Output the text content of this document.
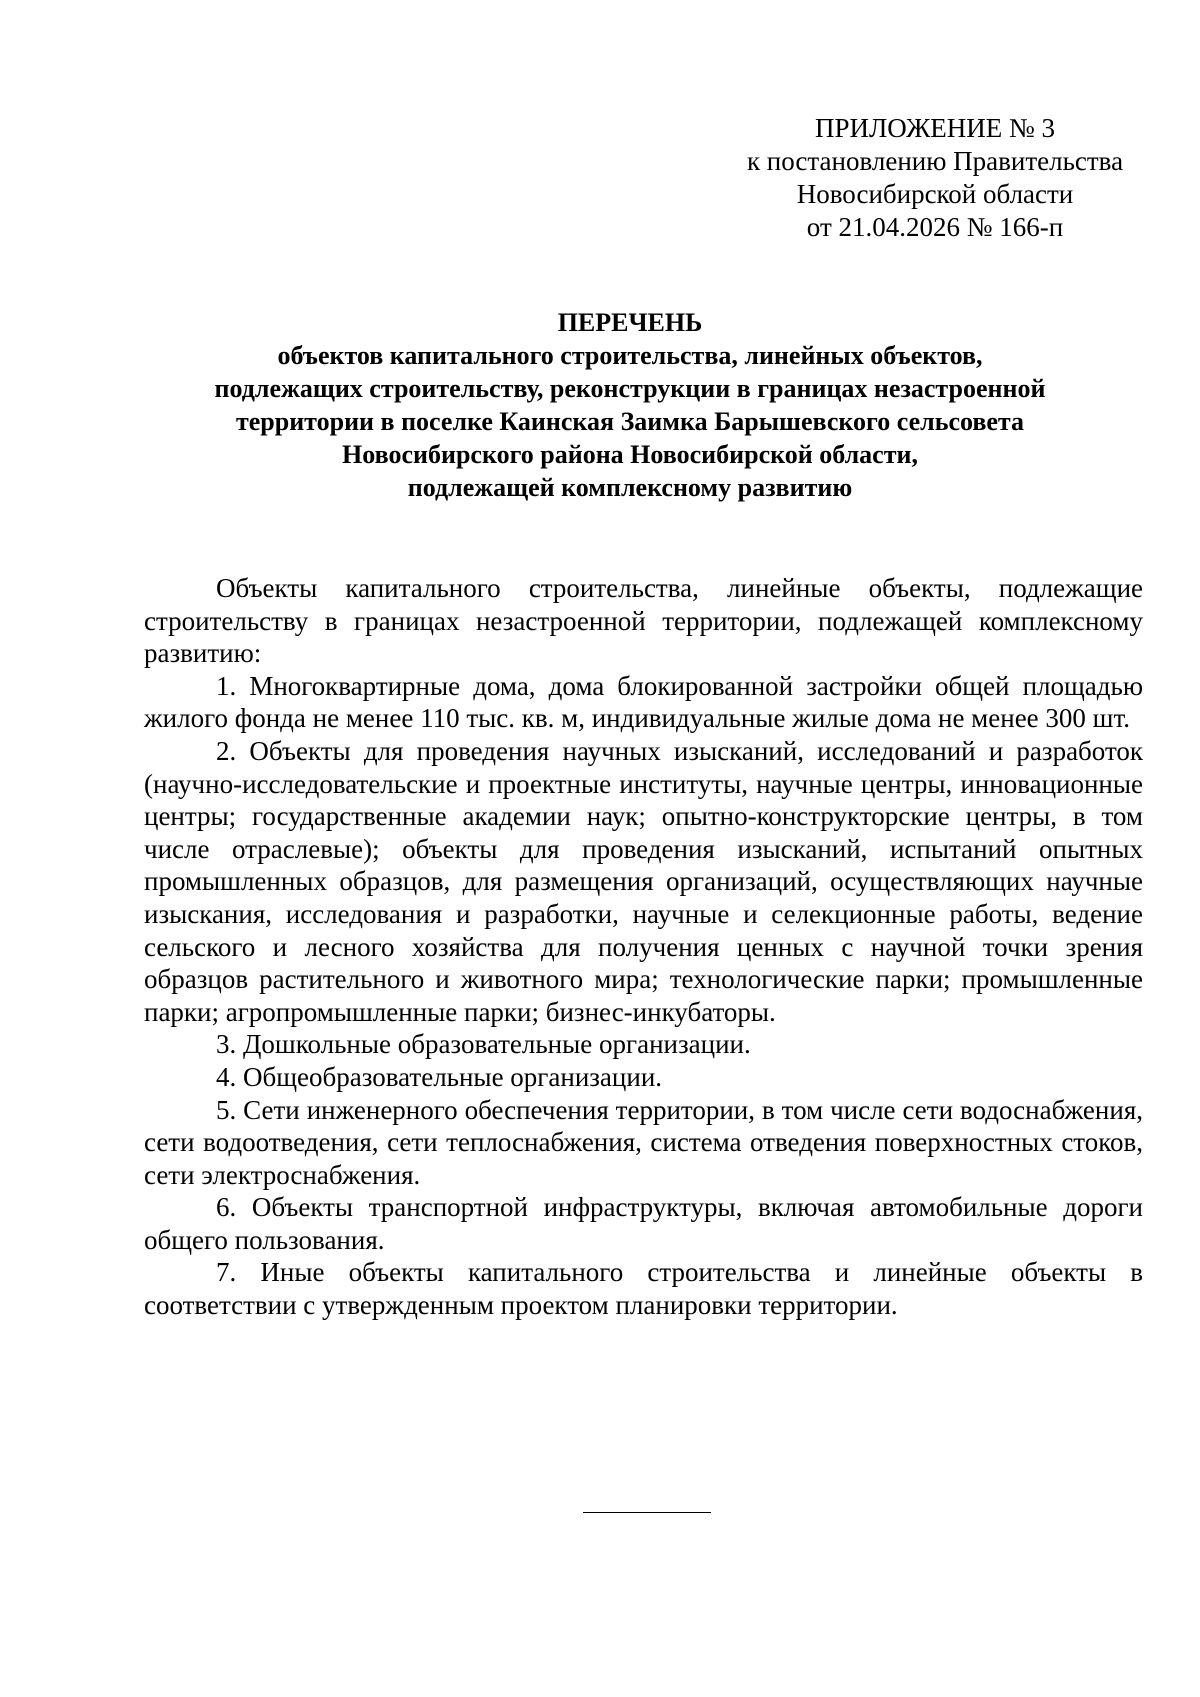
ПРИЛОЖЕНИЕ № 3
к постановлению Правительства
Новосибирской области
от 21.04.2026 № 166-п
ПЕРЕЧЕНЬ
объектов капитального строительства, линейных объектов,
подлежащих строительству, реконструкции в границах незастроенной
территории в поселке Каинская Заимка Барышевского сельсовета
Новосибирского района Новосибирской области,
подлежащей комплексному развитию

Объекты капитального строительства, линейные объекты, подлежащие строительству в границах незастроенной территории, подлежащей комплексному развитию:

1. Многоквартирные дома, дома блокированной застройки общей площадью жилого фонда не менее 110 тыс. кв. м, индивидуальные жилые дома не менее 300 шт.

2. Объекты для проведения научных изысканий, исследований и разработок (научно-исследовательские и проектные институты, научные центры, инновационные центры; государственные академии наук; опытно-конструкторские центры, в том числе отраслевые); объекты для проведения изысканий, испытаний опытных промышленных образцов, для размещения организаций, осуществляющих научные изыскания, исследования и разработки, научные и селекционные работы, ведение сельского и лесного хозяйства для получения ценных с научной точки зрения образцов растительного и животного мира; технологические парки; промышленные парки; агропромышленные парки; бизнес-инкубаторы.

3. Дошкольные образовательные организации.

4. Общеобразовательные организации.

5. Сети инженерного обеспечения территории, в том числе сети водоснабжения, сети водоотведения, сети теплоснабжения, система отведения поверхностных стоков, сети электроснабжения.

6. Объекты транспортной инфраструктуры, включая автомобильные дороги общего пользования.

7. Иные объекты капитального строительства и линейные объекты в соответствии с утвержденным проектом планировки территории.
